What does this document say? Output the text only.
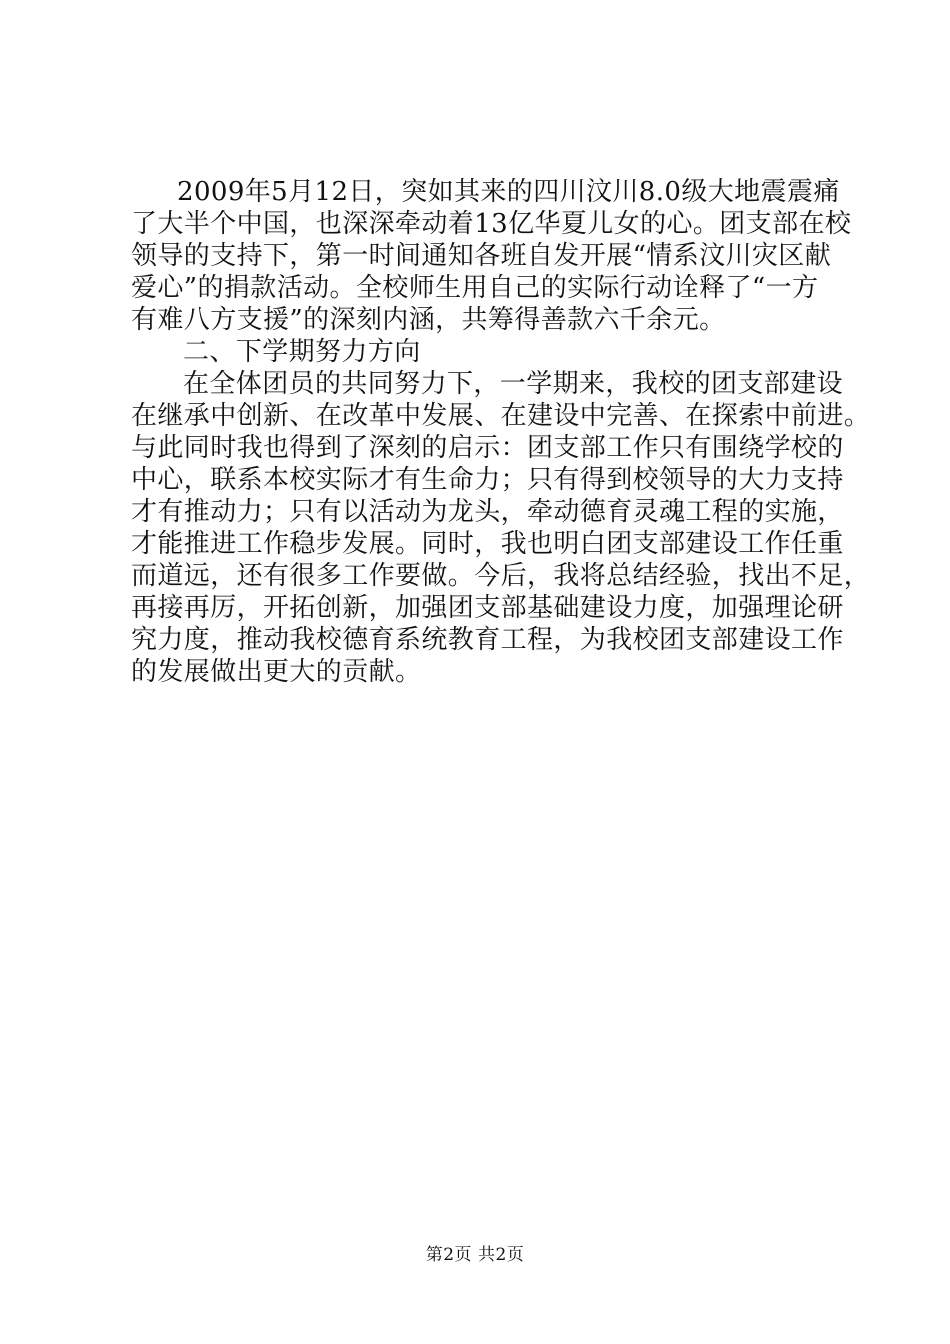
2009年5月12日，突如其来的四川汶川8.0级大地震震痛
了大半个中国，也深深牵动着13亿华夏儿女的心。团支部在校
领导的支持下，第一时间通知各班自发开展“情系汶川灾区献
爱心”的捐款活动。全校师生用自己的实际行动诠释了“一方
有难八方支援”的深刻内涵，共筹得善款六千余元。
二、下学期努力方向
在全体团员的共同努力下，一学期来，我校的团支部建设
在继承中创新、在改革中发展、在建设中完善、在探索中前进。
与此同时我也得到了深刻的启示：团支部工作只有围绕学校的
中心，联系本校实际才有生命力；只有得到校领导的大力支持
才有推动力；只有以活动为龙头，牵动德育灵魂工程的实施，
才能推进工作稳步发展。同时，我也明白团支部建设工作任重
而道远，还有很多工作要做。今后，我将总结经验，找出不足，
再接再厉，开拓创新，加强团支部基础建设力度，加强理论研
究力度，推动我校德育系统教育工程，为我校团支部建设工作
的发展做出更大的贡献。
第2页 共2页
